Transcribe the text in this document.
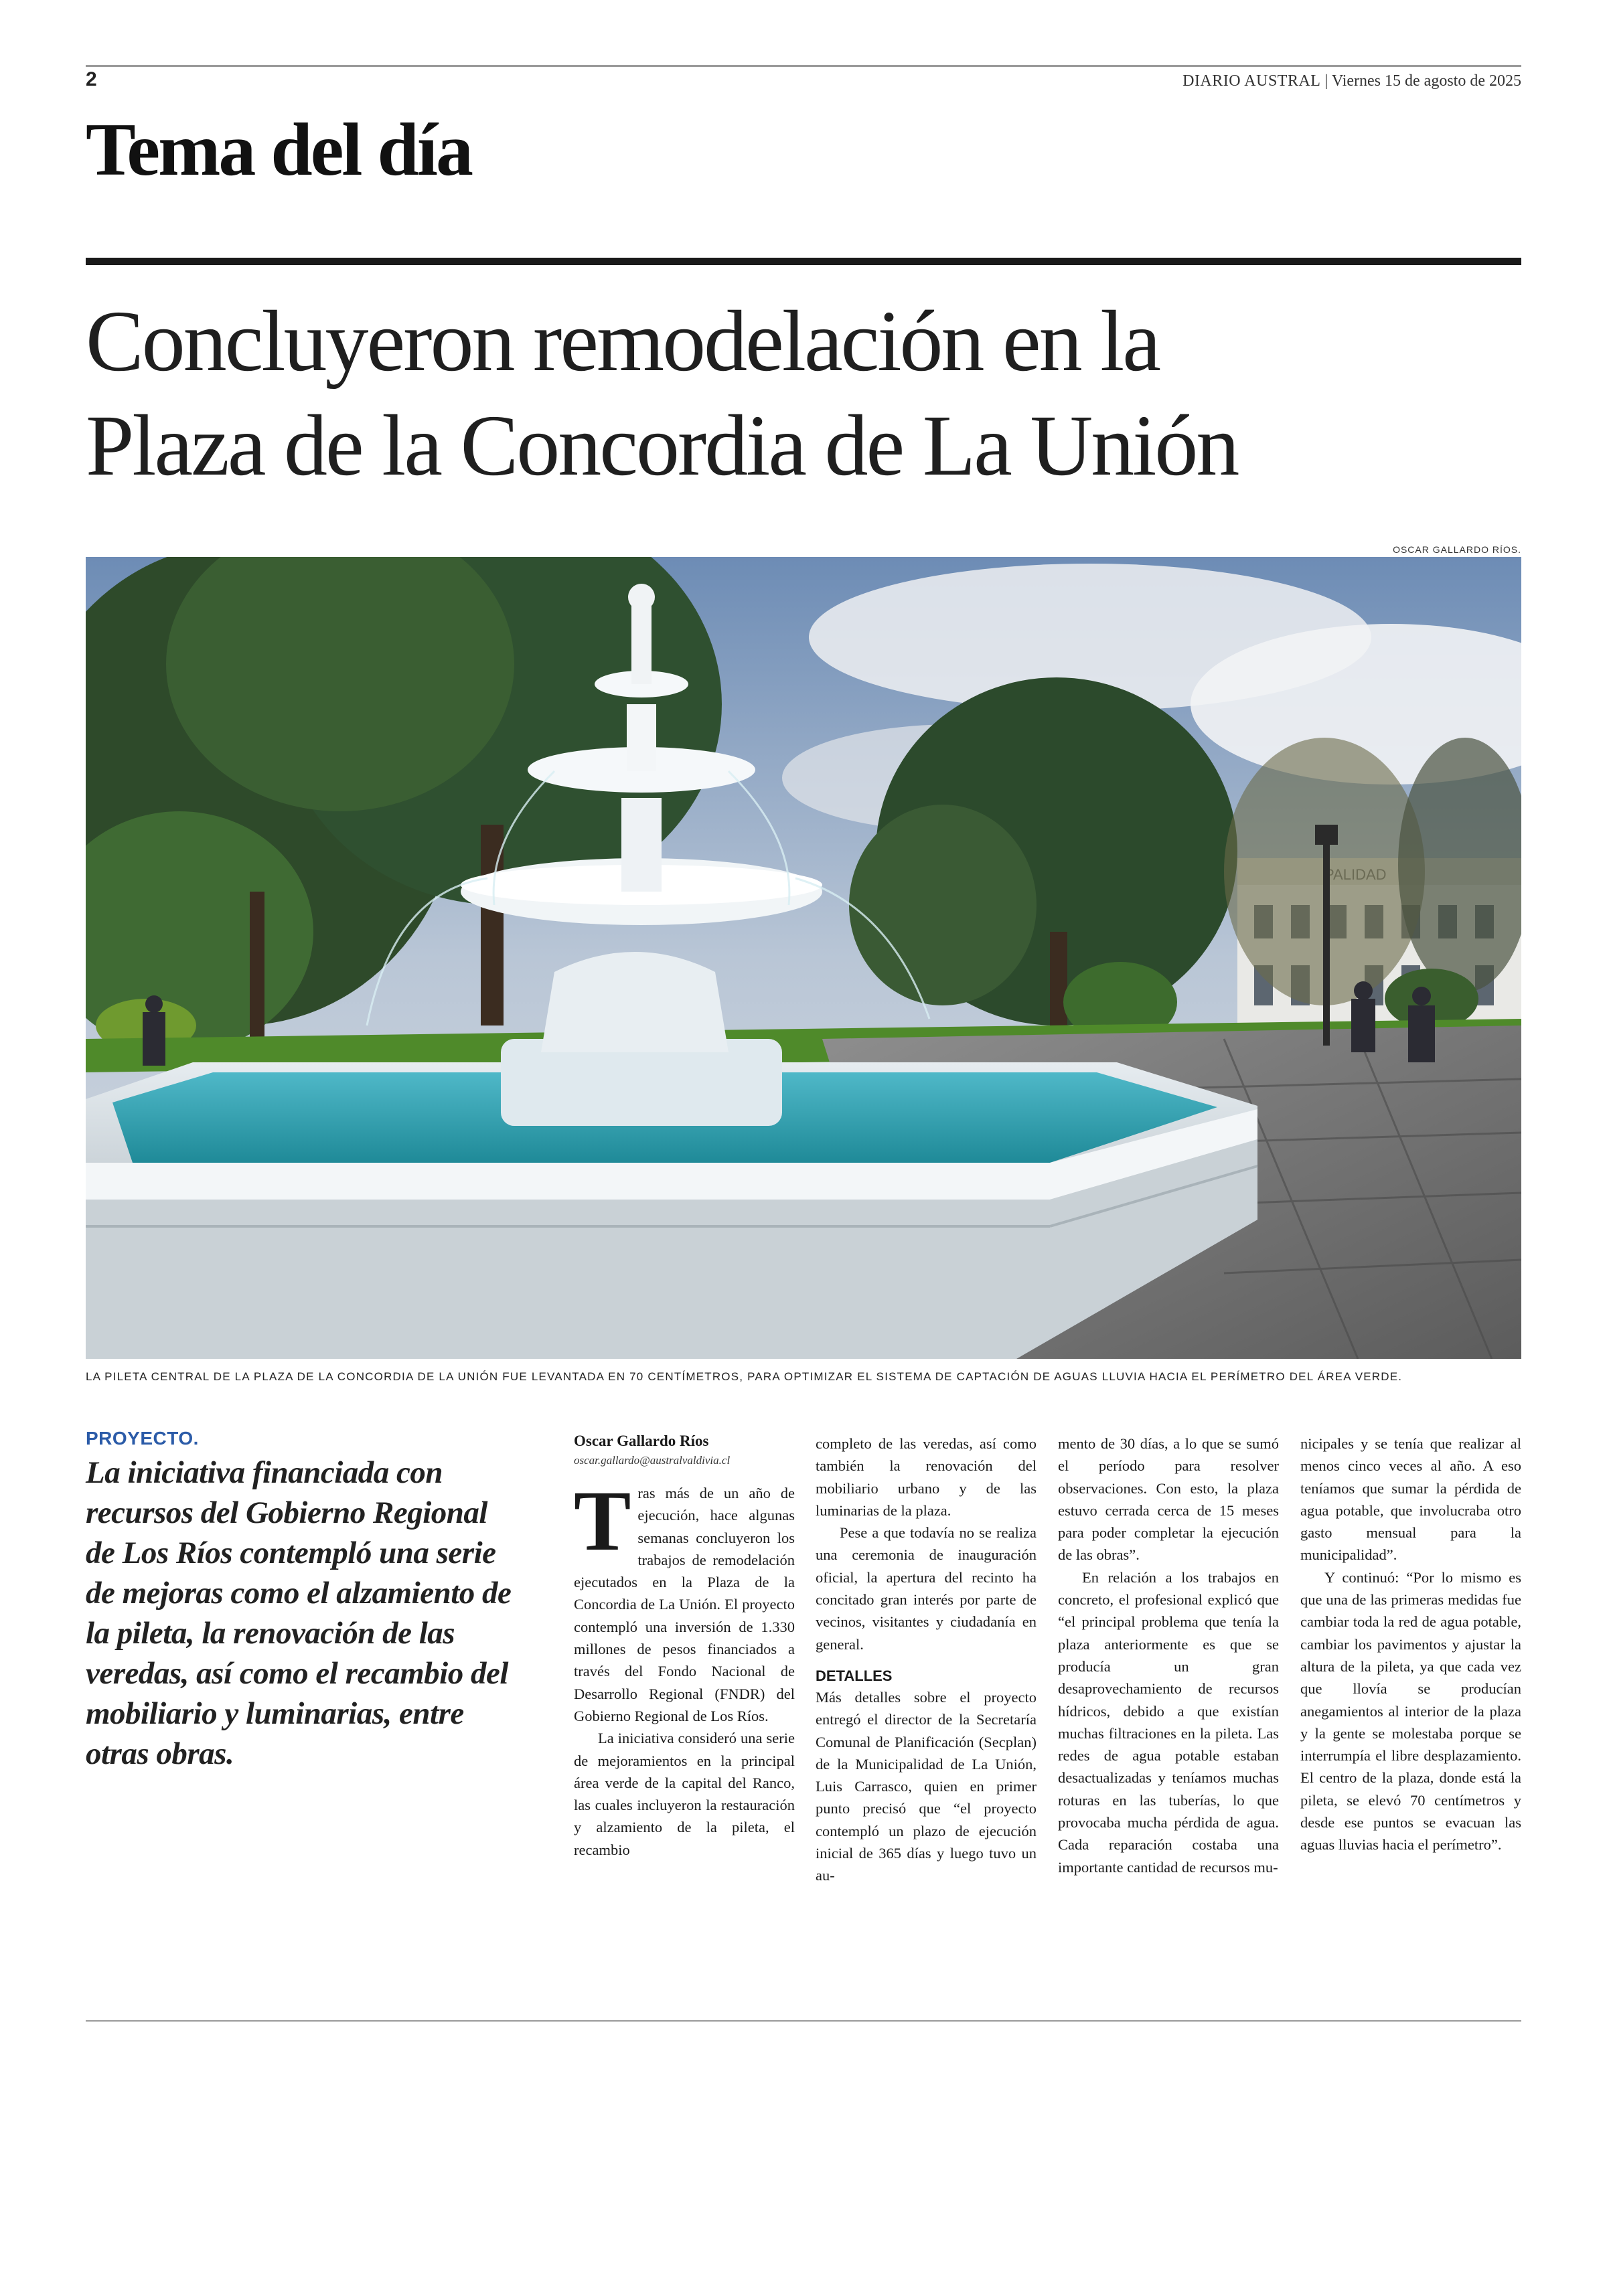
2	DIARIO AUSTRAL | Viernes 15 de agosto de 2025
Tema del día
Concluyeron remodelación en la
Plaza de la Concordia de La Unión
OSCAR GALLARDO RÍOS.
LA PILETA CENTRAL DE LA PLAZA DE LA CONCORDIA DE LA UNIÓN FUE LEVANTADA EN 70 CENTÍMETROS, PARA OPTIMIZAR EL SISTEMA DE CAPTACIÓN DE AGUAS LLUVIA HACIA EL PERÍMETRO DEL ÁREA VERDE.
PROYECTO.
La iniciativa financiada con recursos del Gobierno Regional de Los Ríos contempló una serie de mejoras como el alzamiento de la pileta, la renovación de las veredas, así como el recambio del mobiliario y luminarias, entre otras obras.
Oscar Gallardo Ríos
oscar.gallardo@australvaldivia.cl

Tras más de un año de ejecución, hace algunas semanas concluyeron los trabajos de remodelación ejecutados en la Plaza de la Concordia de La Unión. El proyecto contempló una inversión de 1.330 millones de pesos financiados a través del Fondo Nacional de Desarrollo Regional (FNDR) del Gobierno Regional de Los Ríos.

La iniciativa consideró una serie de mejoramientos en la principal área verde de la capital del Ranco, las cuales incluyeron la restauración y alzamiento de la pileta, el recambio

completo de las veredas, así como también la renovación del mobiliario urbano y de las luminarias de la plaza.

Pese a que todavía no se realiza una ceremonia de inauguración oficial, la apertura del recinto ha concitado gran interés por parte de vecinos, visitantes y ciudadanía en general.

DETALLES

Más detalles sobre el proyecto entregó el director de la Secretaría Comunal de Planificación (Secplan) de la Municipalidad de La Unión, Luis Carrasco, quien en primer punto precisó que “el proyecto contempló un plazo de ejecución inicial de 365 días y luego tuvo un au-

mento de 30 días, a lo que se sumó el período para resolver observaciones. Con esto, la plaza estuvo cerrada cerca de 15 meses para poder completar la ejecución de las obras”.

En relación a los trabajos en concreto, el profesional explicó que “el principal problema que tenía la plaza anteriormente es que se producía un gran desaprovechamiento de recursos hídricos, debido a que existían muchas filtraciones en la pileta. Las redes de agua potable estaban desactualizadas y teníamos muchas roturas en las tuberías, lo que provocaba mucha pérdida de agua. Cada reparación costaba una importante cantidad de recursos mu-

nicipales y se tenía que realizar al menos cinco veces al año. A eso teníamos que sumar la pérdida de agua potable, que involucraba otro gasto mensual para la municipalidad”.

Y continuó: “Por lo mismo es que una de las primeras medidas fue cambiar toda la red de agua potable, cambiar los pavimentos y ajustar la altura de la pileta, ya que cada vez que llovía se producían anegamientos al interior de la plaza y la gente se molestaba porque se interrumpía el libre desplazamiento. El centro de la plaza, donde está la pileta, se elevó 70 centímetros y desde ese puntos se evacuan las aguas lluvias hacia el perímetro”.
